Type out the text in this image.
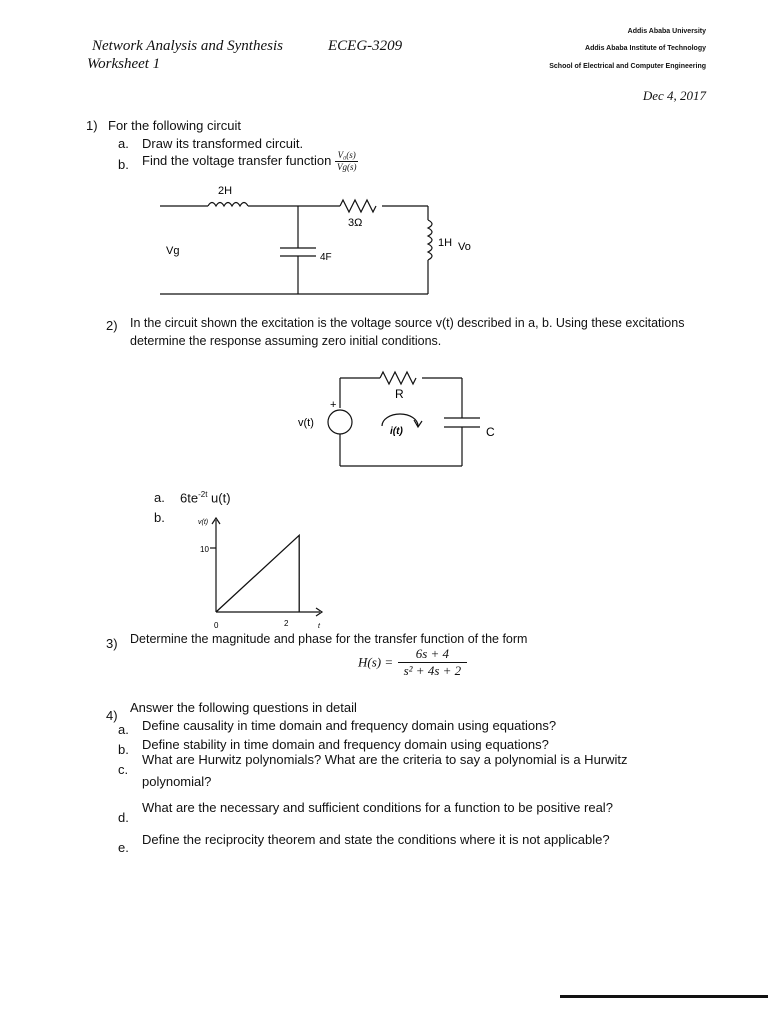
Network Analysis and Synthesis	ECEG-3209
Worksheet 1
Addis Ababa University
Addis Ababa Institute of Technology
School of Electrical and Computer Engineering
Dec 4, 2017
1) For the following circuit
a. Draw its transformed circuit.
b. Find the voltage transfer function $\frac{\text{V₀(s)}}{Vg(s)}$
2H
3Ω
4F
1H Vo
Vg
2) In the circuit shown the excitation is the voltage source v(t) described in a, b. Using these excitations
determine the response assuming zero initial conditions.
R
C
v(t)
+
i(t)
a. $6te^{-2t}$ u(t)
b.	v(t)
10
0	2	t
3) Determine the magnitude and phase for the transfer function of the form
$H(s) = \frac{6s + 4}{\text{s² + 4s + 2}}$
4)
Answer the following questions in detail
a. Define causality in time domain and frequency domain using equations?
b. Define stability in time domain and frequency domain using equations?
c.
What are Hurwitz polynomials? What are the criteria to say a polynomial is a Hurwitz
polynomial?
d.
What are the necessary and sufficient conditions for a function to be positive real?
e.
Define the reciprocity theorem and state the conditions where it is not applicable?
